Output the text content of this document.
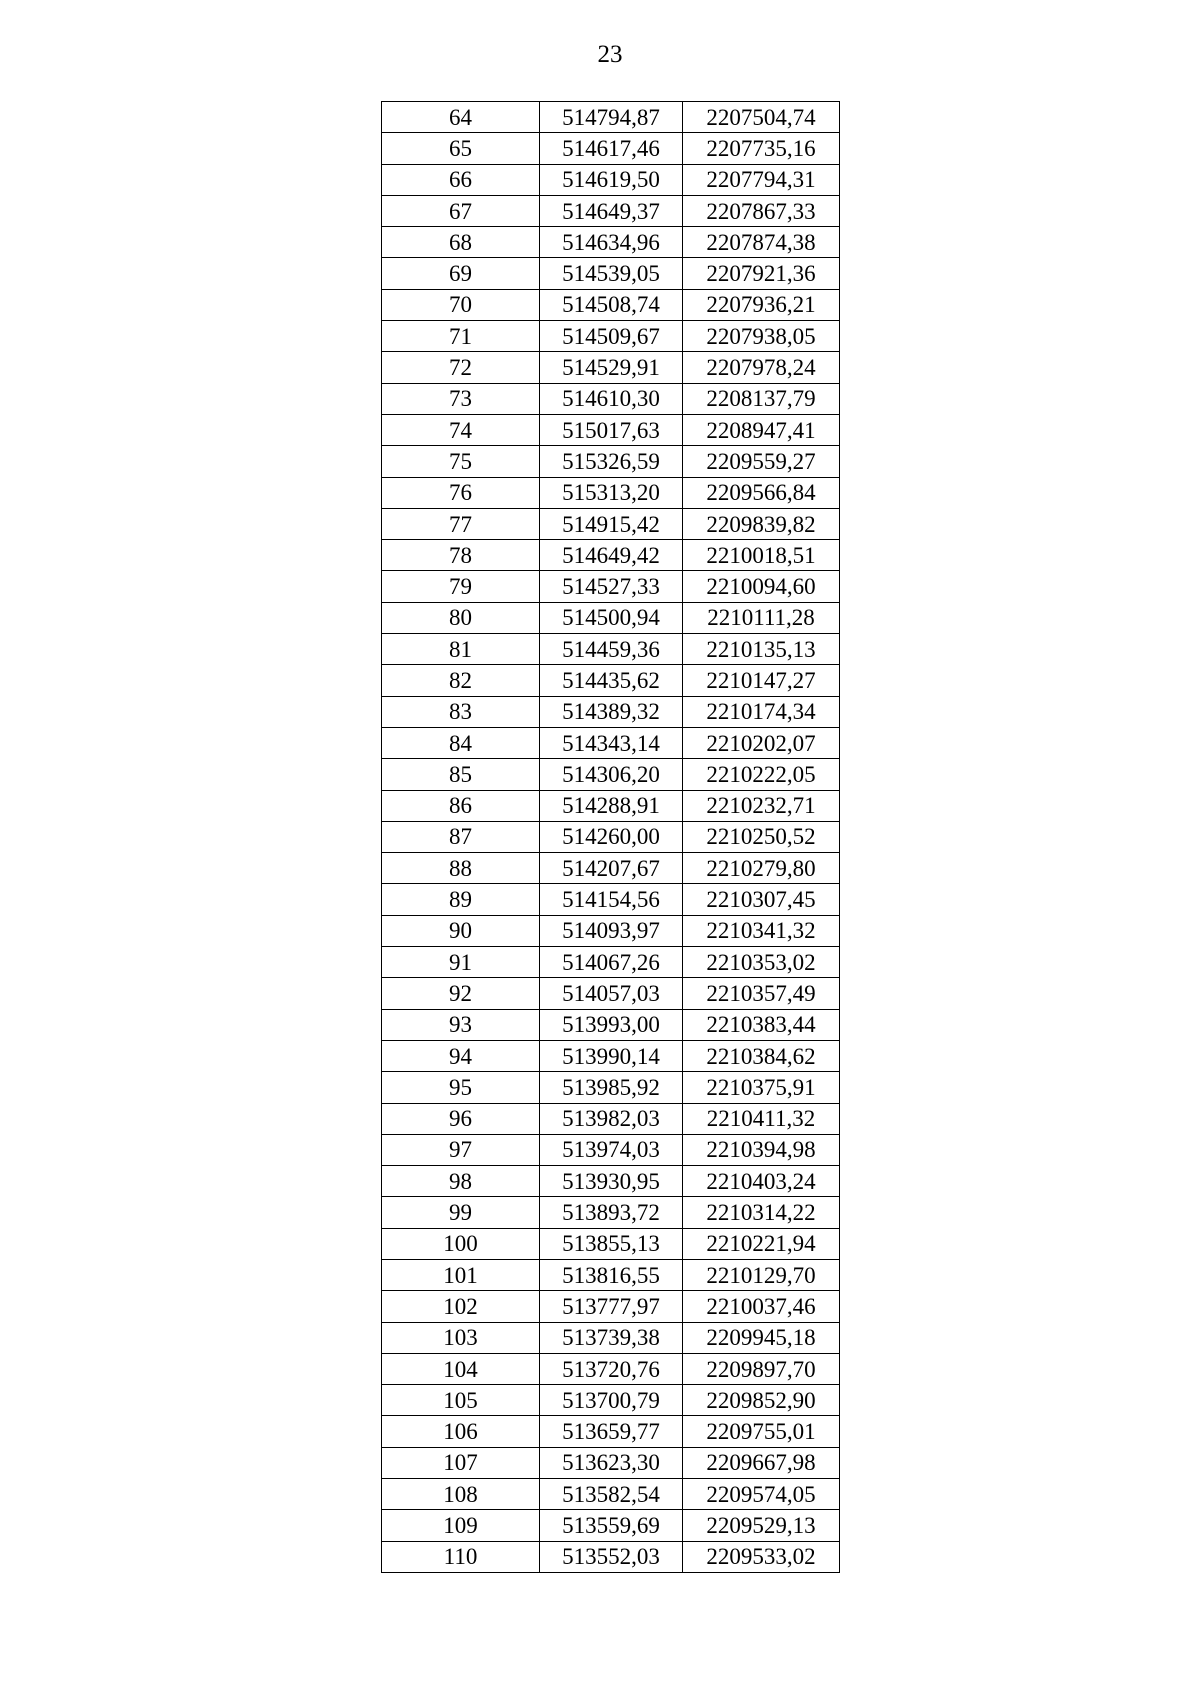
23
64	514794,87	2207504,74
65	514617,46	2207735,16
66	514619,50	2207794,31
67	514649,37	2207867,33
68	514634,96	2207874,38
69	514539,05	2207921,36
70	514508,74	2207936,21
71	514509,67	2207938,05
72	514529,91	2207978,24
73	514610,30	2208137,79
74	515017,63	2208947,41
75	515326,59	2209559,27
76	515313,20	2209566,84
77	514915,42	2209839,82
78	514649,42	2210018,51
79	514527,33	2210094,60
80	514500,94	2210111,28
81	514459,36	2210135,13
82	514435,62	2210147,27
83	514389,32	2210174,34
84	514343,14	2210202,07
85	514306,20	2210222,05
86	514288,91	2210232,71
87	514260,00	2210250,52
88	514207,67	2210279,80
89	514154,56	2210307,45
90	514093,97	2210341,32
91	514067,26	2210353,02
92	514057,03	2210357,49
93	513993,00	2210383,44
94	513990,14	2210384,62
95	513985,92	2210375,91
96	513982,03	2210411,32
97	513974,03	2210394,98
98	513930,95	2210403,24
99	513893,72	2210314,22
100	513855,13	2210221,94
101	513816,55	2210129,70
102	513777,97	2210037,46
103	513739,38	2209945,18
104	513720,76	2209897,70
105	513700,79	2209852,90
106	513659,77	2209755,01
107	513623,30	2209667,98
108	513582,54	2209574,05
109	513559,69	2209529,13
110	513552,03	2209533,02
